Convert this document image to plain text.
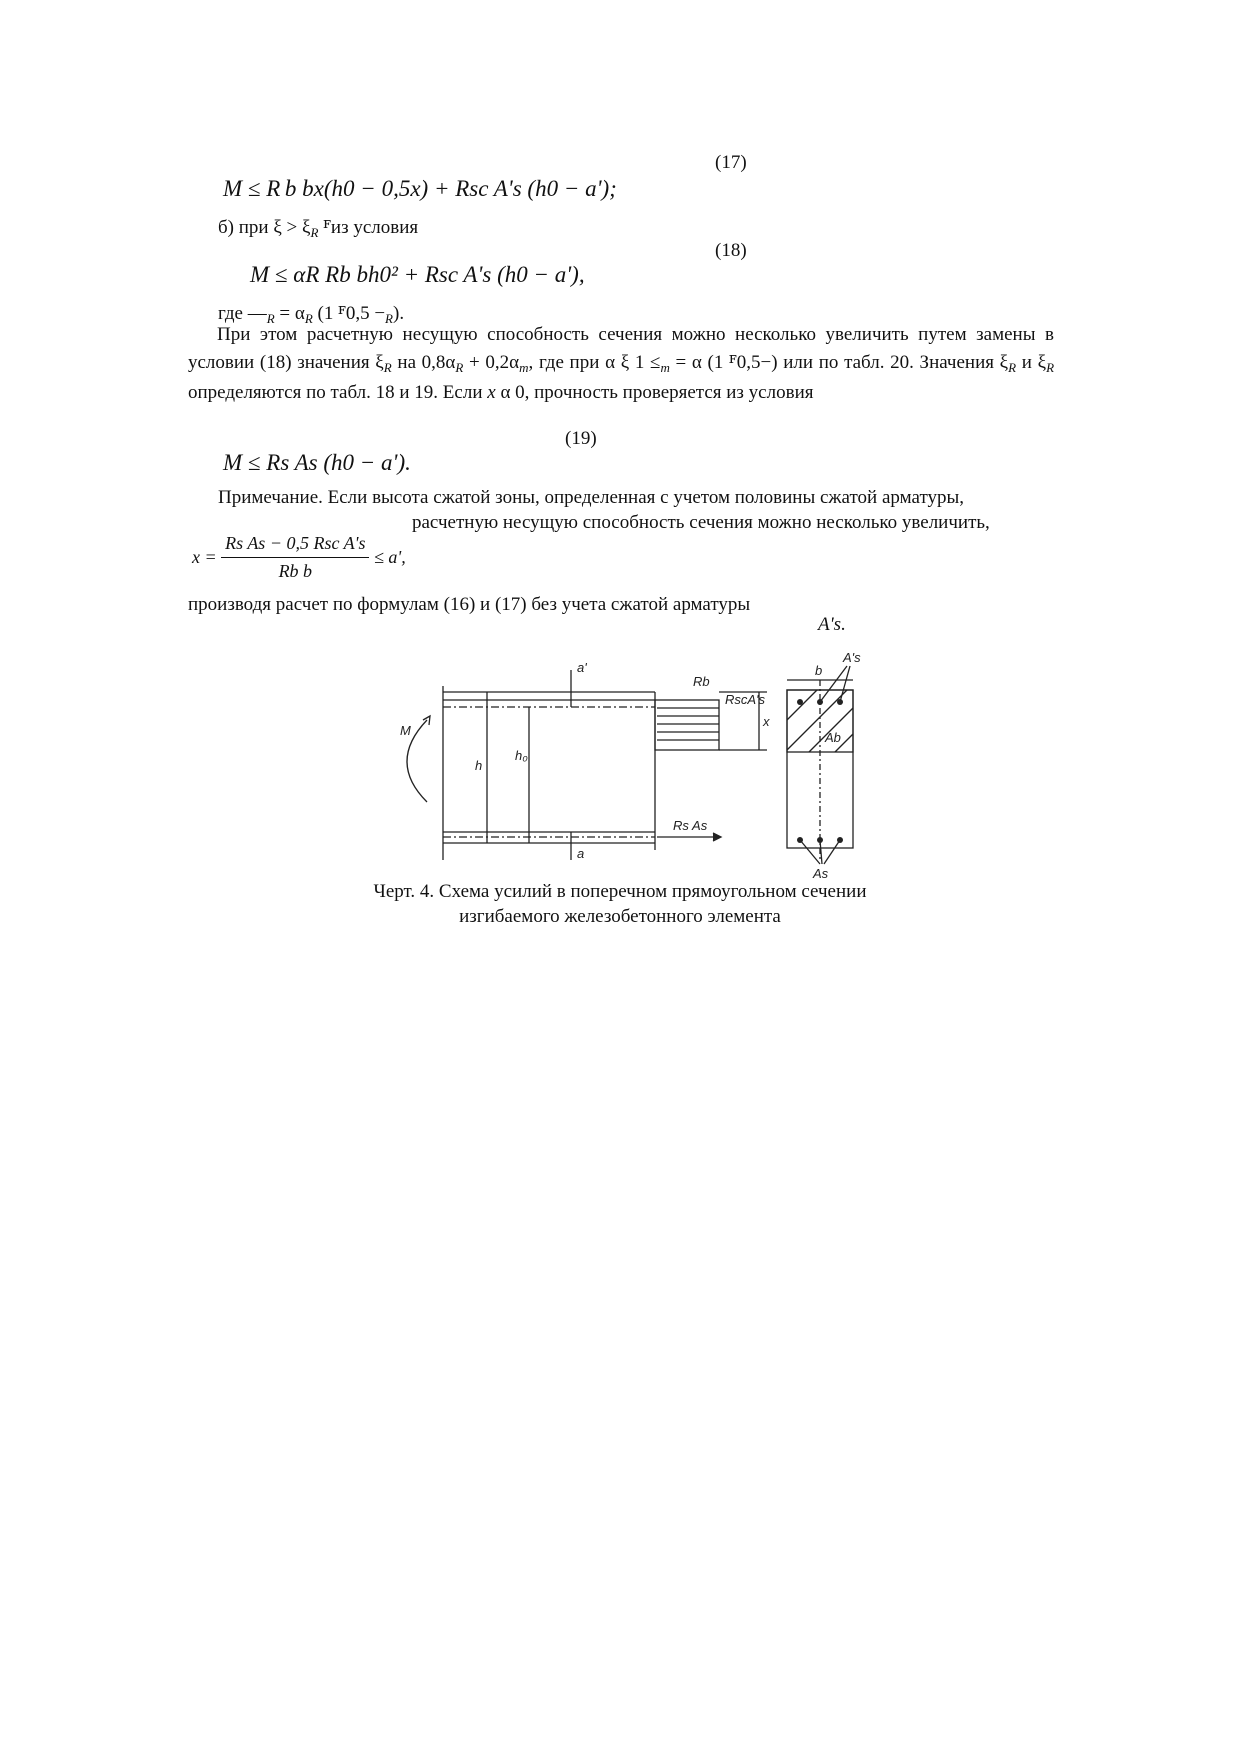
(17)
M ≤ R b bx(h0 − 0,5x) + Rsc A's (h0 − a');
б) при $\xi > \xi_R$ $^ꜰ$из условия
(18)
M ≤ αR Rb bh0² + Rsc A's (h0 − a'),
где $—_R = \alpha_R$ (1 $^ꜰ0,5 -_R$).
При этом расчетную несущую способность сечения можно несколько увеличить путем замены в условии (18) значения $\xi_R$ на $0,8\alpha_R + 0,2\alpha_m$, где при α ξ $1 \le_m = \alpha$ (1 $^ꜰ$0,5−) или по табл. 20. Значения $\xi_R$ и $\xi_R$ определяются по табл. 18 и 19. Если x α 0, прочность проверяется из условия
(19)
M ≤ Rs As (h0 − a').
Примечание. Если высота сжатой зоны, определенная с учетом половины сжатой арматуры,
расчетную несущую способность сечения можно несколько увеличить,
$x = \frac{\text{Rs As − 0,5 Rsc A's}}{\text{Rb b}} \le a'$,
производя расчет по формулам (16) и (17) без учета сжатой арматуры
A's.
M
h
h₀
a'
a
Rb
RscA's
x
Rs As
b
A's
Ab
As
Черт. 4. Схема усилий в поперечном прямоугольном сечении
изгибаемого железобетонного элемента
